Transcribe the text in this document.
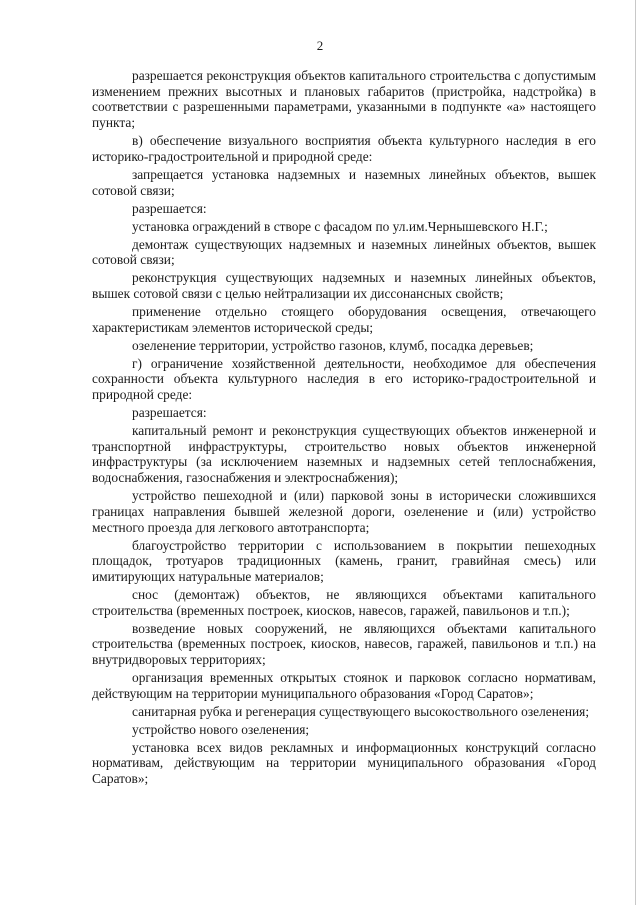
2

разрешается реконструкция объектов капитального строительства с допустимым изменением прежних высотных и плановых габаритов (пристройка, надстройка) в соответствии с разрешенными параметрами, указанными в подпункте «а» настоящего пункта;

в) обеспечение визуального восприятия объекта культурного наследия в его историко-градостроительной и природной среде:

запрещается установка надземных и наземных линейных объектов, вышек сотовой связи;

разрешается:

установка ограждений в створе с фасадом по ул.им.Чернышевского Н.Г.;

демонтаж существующих надземных и наземных линейных объектов, вышек сотовой связи;

реконструкция существующих надземных и наземных линейных объектов, вышек сотовой связи с целью нейтрализации их диссонансных свойств;

применение отдельно стоящего оборудования освещения, отвечающего характеристикам элементов исторической среды;

озеленение территории, устройство газонов, клумб, посадка деревьев;

г) ограничение хозяйственной деятельности, необходимое для обеспечения сохранности объекта культурного наследия в его историко-градостроительной и природной среде:

разрешается:

капитальный ремонт и реконструкция существующих объектов инженерной и транспортной инфраструктуры, строительство новых объектов инженерной инфраструктуры (за исключением наземных и надземных сетей теплоснабжения, водоснабжения, газоснабжения и электроснабжения);

устройство пешеходной и (или) парковой зоны в исторически сложившихся границах направления бывшей железной дороги, озеленение и (или) устройство местного проезда для легкового автотранспорта;

благоустройство территории с использованием в покрытии пешеходных площадок, тротуаров традиционных (камень, гранит, гравийная смесь) или имитирующих натуральные материалов;

снос (демонтаж) объектов, не являющихся объектами капитального строительства (временных построек, киосков, навесов, гаражей, павильонов и т.п.);

возведение новых сооружений, не являющихся объектами капитального строительства (временных построек, киосков, навесов, гаражей, павильонов и т.п.) на внутридворовых территориях;

организация временных открытых стоянок и парковок согласно нормативам, действующим на территории муниципального образования «Город Саратов»;

санитарная рубка и регенерация существующего высокоствольного озеленения;

устройство нового озеленения;

установка всех видов рекламных и информационных конструкций согласно нормативам, действующим на территории муниципального образования «Город Саратов»;
